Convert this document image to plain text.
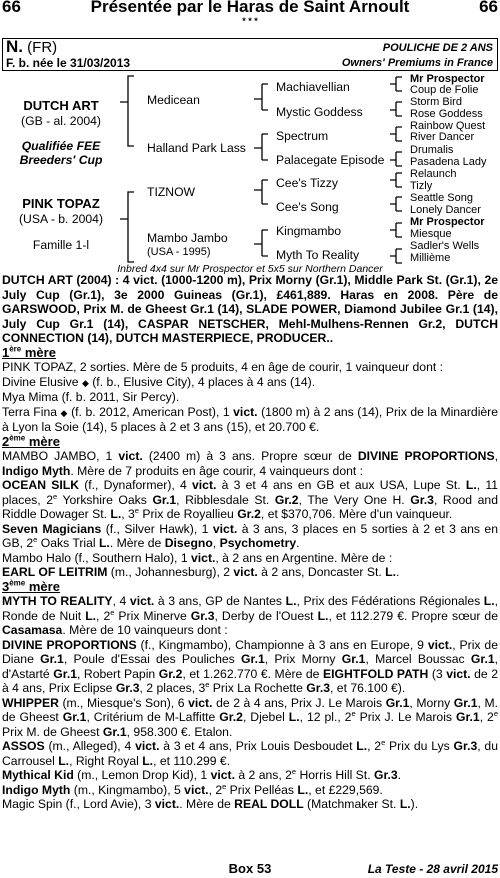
66	Présentée par le Haras de Saint Arnoult	66
* * *
N. (FR)
F. b. née le 31/03/2013
POULICHE DE 2 ANS
Owners' Premiums in France
DUTCH ART
(GB - al. 2004)
Qualifiée FEE
Breeders' Cup
PINK TOPAZ
(USA - b. 2004)
Famille 1-l
Medicean
Halland Park Lass
TIZNOW
Mambo Jambo
(USA - 1995)
Machiavellian
Mystic Goddess
Spectrum
Palacegate Episode
Cee's Tizzy
Cee's Song
Kingmambo
Myth To Reality
Mr Prospector
Coup de Folie
Storm Bird
Rose Goddess
Rainbow Quest
River Dancer
Drumalis
Pasadena Lady
Relaunch
Tizly
Seattle Song
Lonely Dancer
Mr Prospector
Miesque
Sadler's Wells
Millième
Inbred 4x4 sur Mr Prospector et 5x5 sur Northern Dancer

DUTCH ART (2004) : 4 vict. (1000-1200 m), Prix Morny (Gr.1), Middle Park St. (Gr.1), 2e July Cup (Gr.1), 3e 2000 Guineas (Gr.1), £461,889. Haras en 2008. Père de GARSWOOD, Prix M. de Gheest Gr.1 (14), SLADE POWER, Diamond Jubilee Gr.1 (14), July Cup Gr.1 (14), CASPAR NETSCHER, Mehl-Mulhens-Rennen Gr.2, DUTCH CONNECTION (14), DUTCH MASTERPIECE, PRODUCER..

1ère mère

PINK TOPAZ, 2 sorties. Mère de 5 produits, 4 en âge de courir, 1 vainqueur dont :

Divine Elusive ◆ (f. b., Elusive City), 4 places à 4 ans (14).

Mya Mima (f. b. 2011, Sir Percy).

Terra Fina ◆ (f. b. 2012, American Post), 1 vict. (1800 m) à 2 ans (14), Prix de la Minardière à Lyon la Soie (14), 5 places à 2 et 3 ans (15), et 20.700 €.

2ème mère

MAMBO JAMBO, 1 vict. (2400 m) à 3 ans. Propre sœur de DIVINE PROPORTIONS, Indigo Myth. Mère de 7 produits en âge courir, 4 vainqueurs dont :

OCEAN SILK (f., Dynaformer), 4 vict. à 3 et 4 ans en GB et aux USA, Lupe St. L., 11 places, 2e Yorkshire Oaks Gr.1, Ribblesdale St. Gr.2, The Very One H. Gr.3, Rood and Riddle Dowager St. L., 3e Prix de Royallieu Gr.2, et $370,706. Mère d'un vainqueur.

Seven Magicians (f., Silver Hawk), 1 vict. à 3 ans, 3 places en 5 sorties à 2 et 3 ans en GB, 2e Oaks Trial L.. Mère de Disegno, Psychometry.

Mambo Halo (f., Southern Halo), 1 vict., à 2 ans en Argentine. Mère de :

EARL OF LEITRIM (m., Johannesburg), 2 vict. à 2 ans, Doncaster St. L..

3ème mère

MYTH TO REALITY, 4 vict. à 3 ans, GP de Nantes L., Prix des Fédérations Régionales L., Ronde de Nuit L., 2e Prix Minerve Gr.3, Derby de l'Ouest L., et 112.279 €. Propre sœur de Casamasa. Mère de 10 vainqueurs dont :

DIVINE PROPORTIONS (f., Kingmambo), Championne à 3 ans en Europe, 9 vict., Prix de Diane Gr.1, Poule d'Essai des Pouliches Gr.1, Prix Morny Gr.1, Marcel Boussac Gr.1, d'Astarté Gr.1, Robert Papin Gr.2, et 1.262.770 €. Mère de EIGHTFOLD PATH (3 vict. de 2 à 4 ans, Prix Eclipse Gr.3, 2 places, 3e Prix La Rochette Gr.3, et 76.100 €).

WHIPPER (m., Miesque's Son), 6 vict. de 2 à 4 ans, Prix J. Le Marois Gr.1, Morny Gr.1, M. de Gheest Gr.1, Critérium de M-Laffitte Gr.2, Djebel L., 12 pl., 2e Prix J. Le Marois Gr.1, 2e Prix M. de Gheest Gr.1, 958.300 €. Etalon.

ASSOS (m., Alleged), 4 vict. à 3 et 4 ans, Prix Louis Desboudet L., 2e Prix du Lys Gr.3, du Carrousel L., Right Royal L., et 110.299 €.

Mythical Kid (m., Lemon Drop Kid), 1 vict. à 2 ans, 2e Horris Hill St. Gr.3.

Indigo Myth (m., Kingmambo), 5 vict., 2e Prix Pelléas L., et £229,569.

Magic Spin (f., Lord Avie), 3 vict.. Mère de REAL DOLL (Matchmaker St. L.).

Box 53	La Teste - 28 avril 2015
